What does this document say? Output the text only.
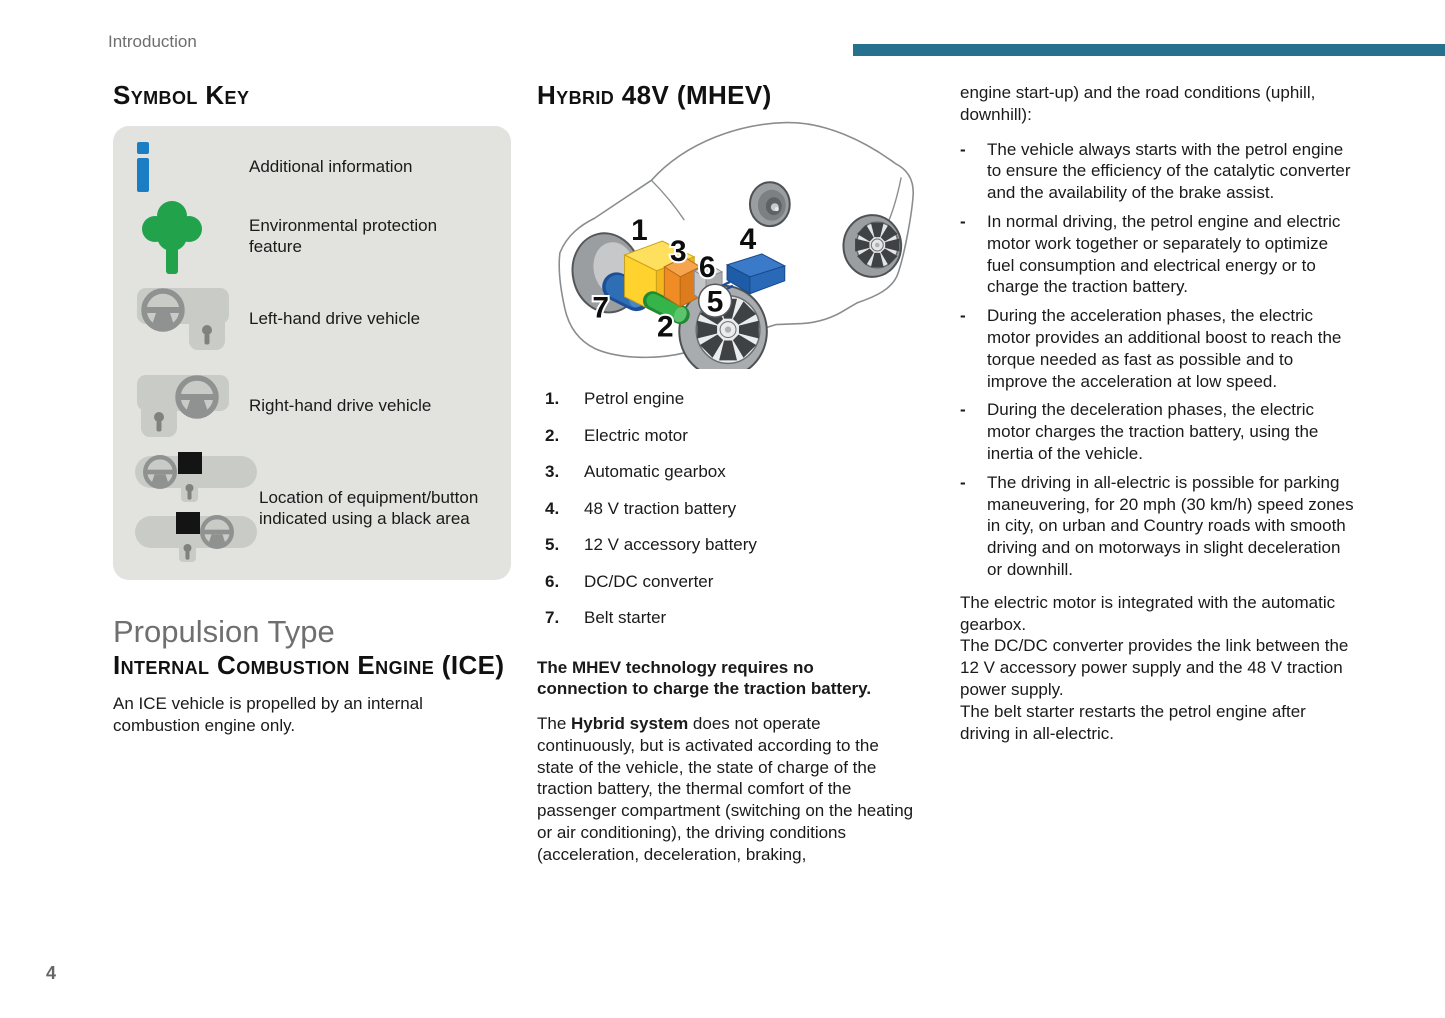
Introduction
Symbol Key
Additional information
Environmental protection feature
Left-hand drive vehicle
Right-hand drive vehicle
Location of equipment/button indicated using a black area
Propulsion Type
Internal Combustion Engine (ICE)

An ICE vehicle is propelled by an internal combustion engine only.

Hybrid 48V (MHEV)
1
3 6
4
7
2
5
1.	Petrol engine
2.	Electric motor
3.	Automatic gearbox
4.	48 V traction battery
5.	12 V accessory battery
6.	DC/DC converter
7.	Belt starter
The MHEV technology requires no connection to charge the traction battery.

The Hybrid system does not operate continuously, but is activated according to the state of the vehicle, the state of charge of the traction battery, the thermal comfort of the passenger compartment (switching on the heating or air conditioning), the driving conditions (acceleration, deceleration, braking,

engine start-up) and the road conditions (uphill, downhill):

-	The vehicle always starts with the petrol engine to ensure the efficiency of the catalytic converter and the availability of the brake assist.
-	In normal driving, the petrol engine and electric motor work together or separately to optimize fuel consumption and electrical energy or to charge the traction battery.
-	During the acceleration phases, the electric motor provides an additional boost to reach the torque needed as fast as possible and to improve the acceleration at low speed.
-	During the deceleration phases, the electric motor charges the traction battery, using the inertia of the vehicle.
-	The driving in all-electric is possible for parking maneuvering, for 20 mph (30 km/h) speed zones in city, on urban and Country roads with smooth driving and on motorways in slight deceleration or downhill.
The electric motor is integrated with the automatic gearbox.
The DC/DC converter provides the link between the 12 V accessory power supply and the 48 V traction power supply.
The belt starter restarts the petrol engine after driving in all-electric.
4
